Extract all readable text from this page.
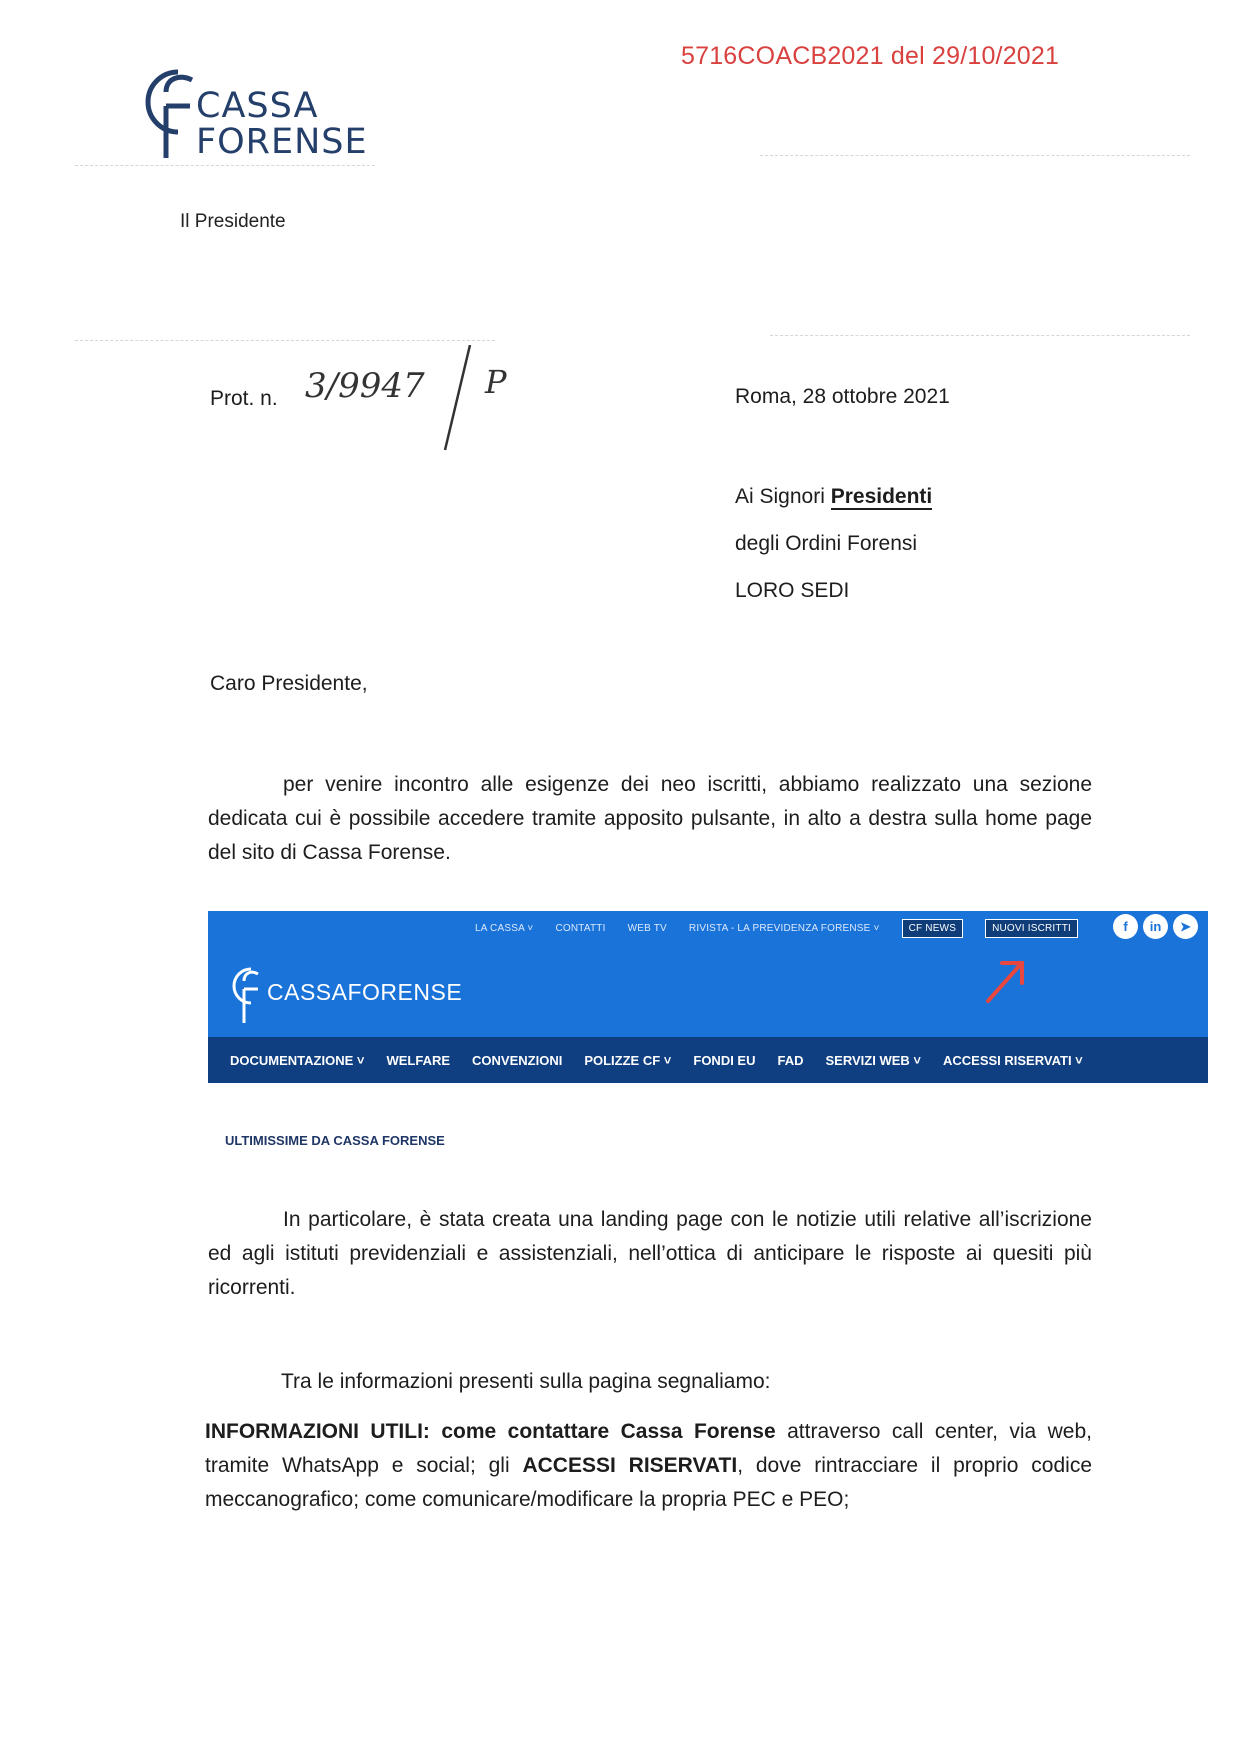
5716COACB2021 del 29/10/2021
CASSA
FORENSE
Il Presidente
Prot. n. 3/9947 P	Roma, 28 ottobre 2021
Ai Signori Presidenti
degli Ordini Forensi
LORO SEDI
Caro Presidente,
per venire incontro alle esigenze dei neo iscritti, abbiamo realizzato una sezione dedicata cui è possibile accedere tramite apposito pulsante, in alto a destra sulla home page del sito di Cassa Forense.
LA CASSA ˅ CONTATTI WEB TV RIVISTA - LA PREVIDENZA FORENSE ˅	CF NEWS	NUOVI ISCRITTI	f	in	➤
CASSAFORENSE
DOCUMENTAZIONE ˅ WELFARE CONVENZIONI POLIZZE CF ˅ FONDI EU FAD SERVIZI WEB ˅ ACCESSI RISERVATI ˅
ULTIMISSIME DA CASSA FORENSE
In particolare, è stata creata una landing page con le notizie utili relative all’iscrizione ed agli istituti previdenziali e assistenziali, nell’ottica di anticipare le risposte ai quesiti più ricorrenti.
Tra le informazioni presenti sulla pagina segnaliamo:
INFORMAZIONI UTILI: come contattare Cassa Forense attraverso call center, via web, tramite WhatsApp e social; gli ACCESSI RISERVATI, dove rintracciare il proprio codice meccanografico; come comunicare/modificare la propria PEC e PEO;
